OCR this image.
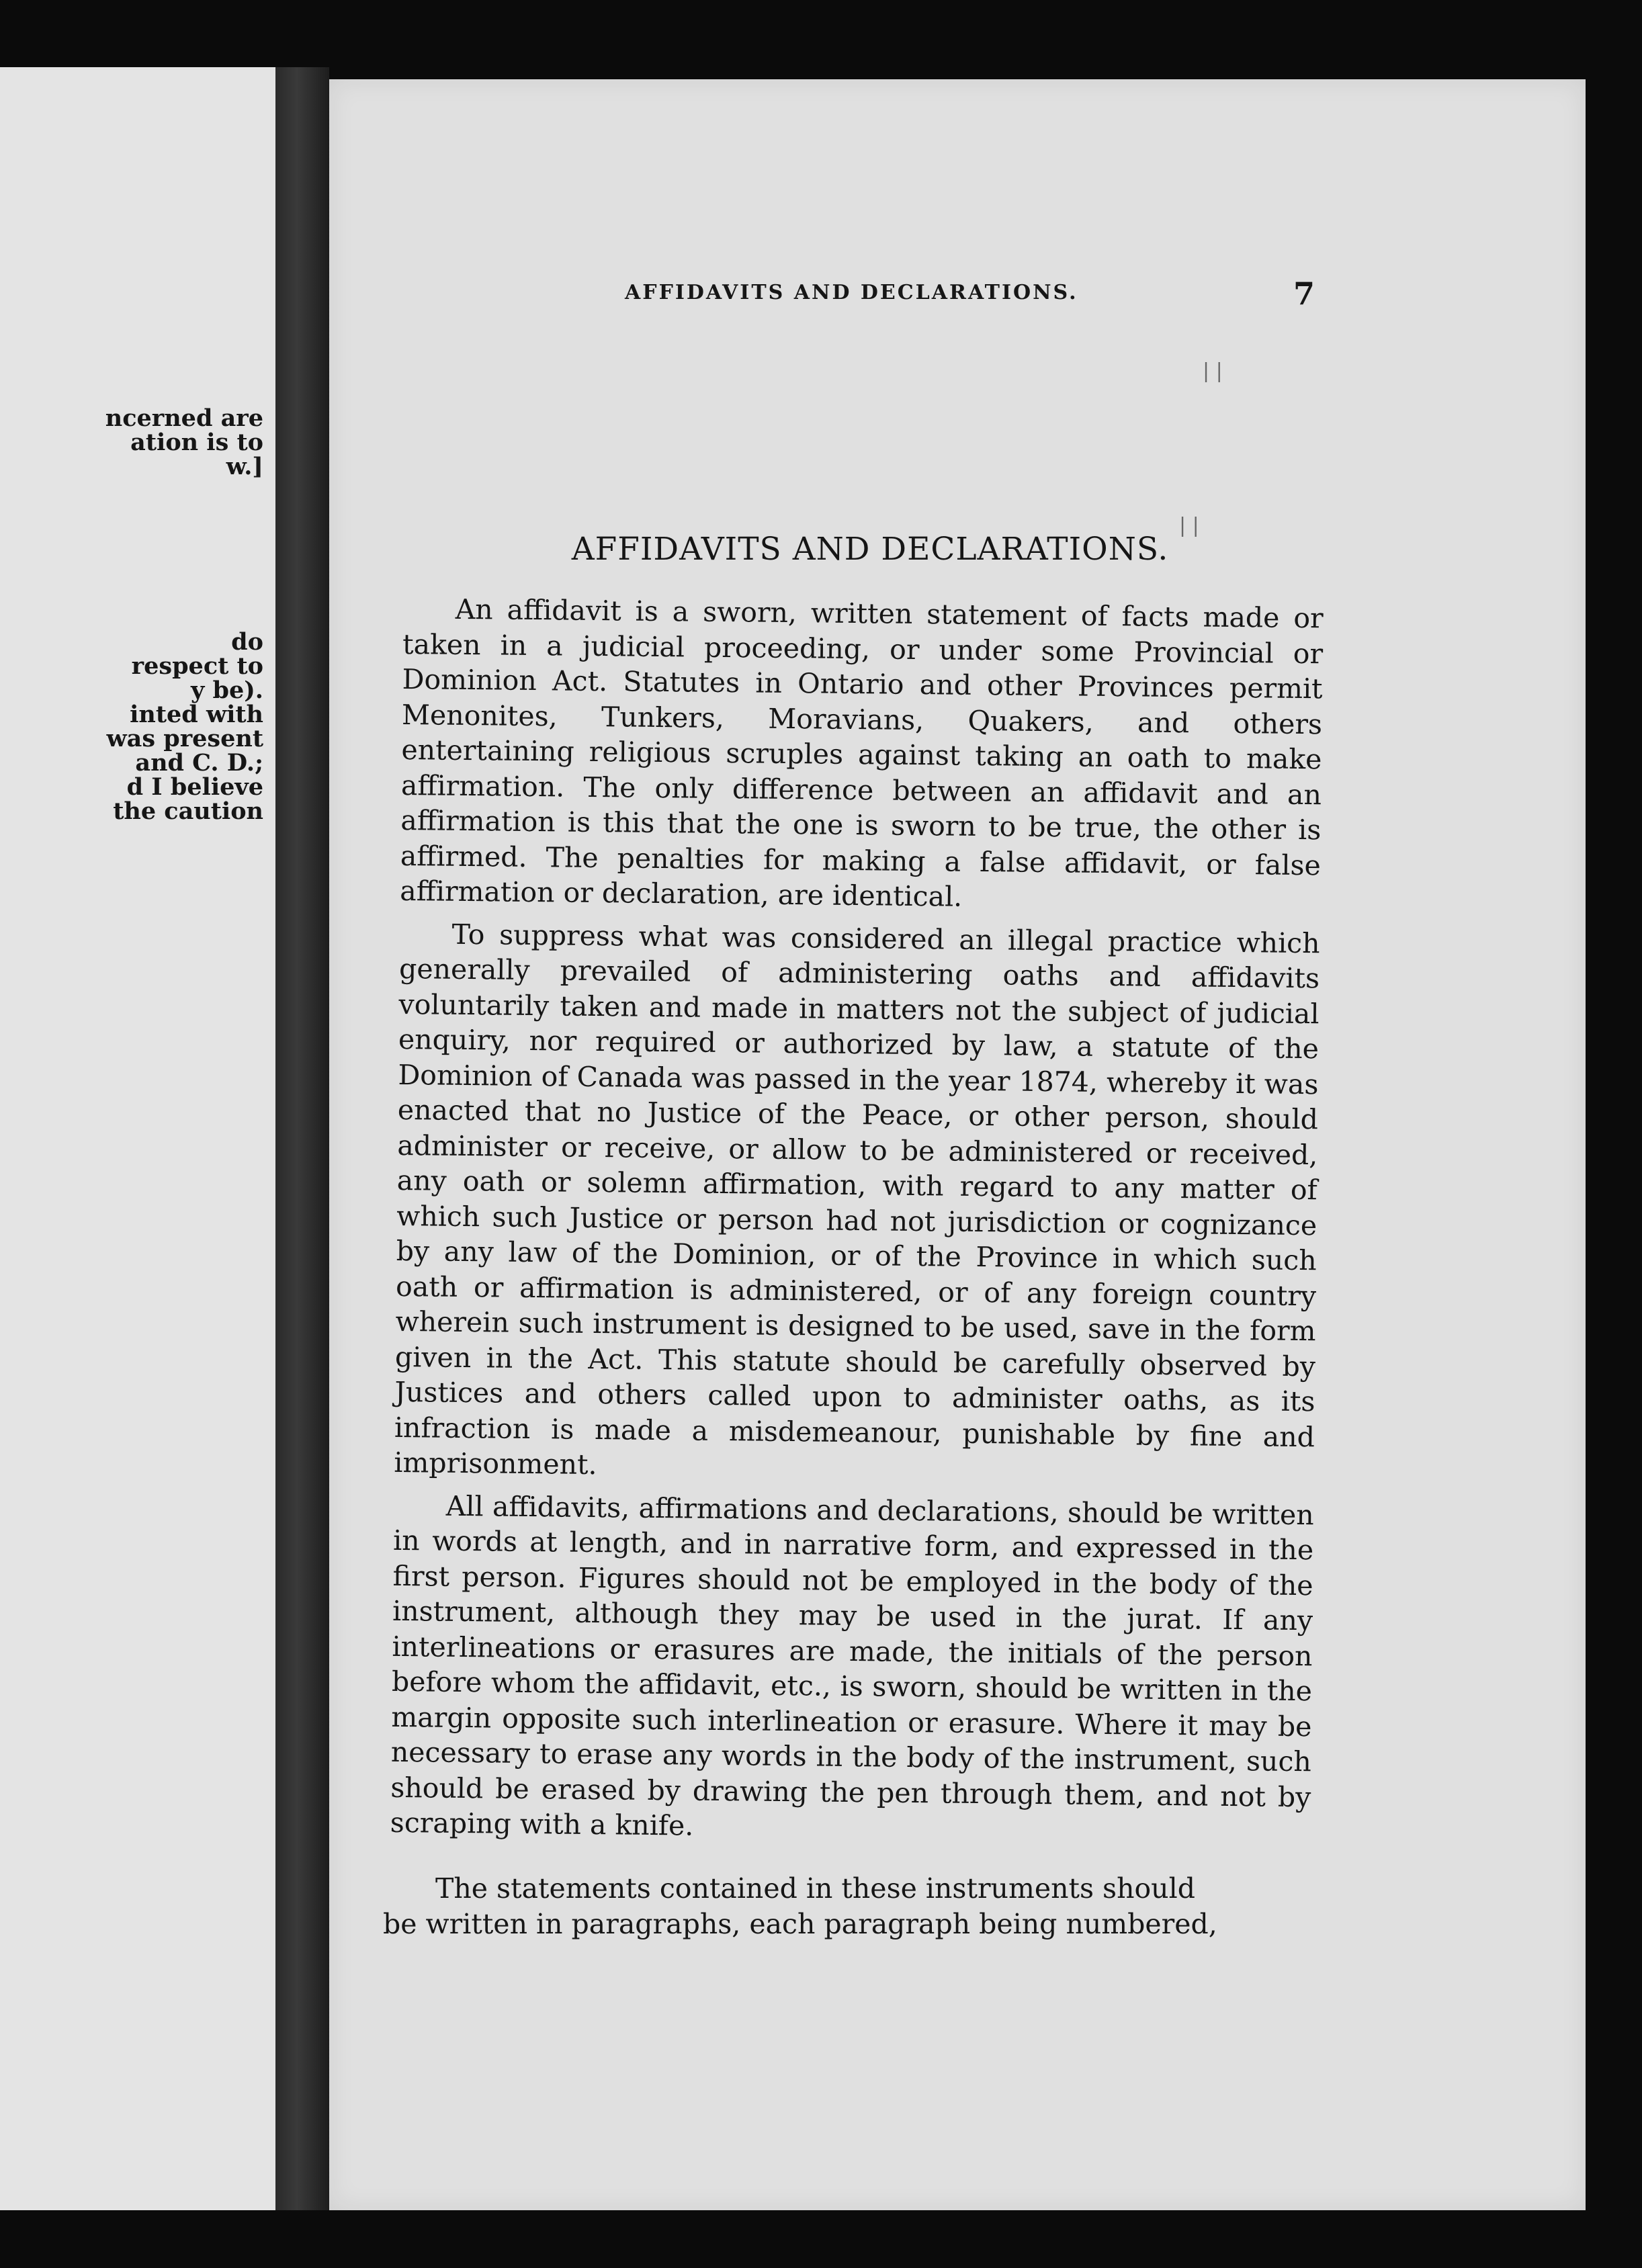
ncerned are
ation is to
w.]
do
respect to
y be).
inted with
was present
and C. D.;
d I believe
the caution
AFFIDAVITS AND DECLARATIONS.	7
| |
| |
AFFIDAVITS AND DECLARATIONS.

An affidavit is a sworn, written statement of facts made or taken in a judicial proceeding, or under some Provincial or Dominion Act. Statutes in Ontario and other Provinces permit Menonites, Tunkers, Moravians, Quakers, and others entertaining religious scruples against taking an oath to make affirmation. The only difference between an affidavit and an affirmation is this that the one is sworn to be true, the other is affirmed. The penalties for making a false affidavit, or false affirmation or declaration, are identical.

To suppress what was considered an illegal practice which generally prevailed of administering oaths and affidavits voluntarily taken and made in matters not the subject of judicial enquiry, nor required or authorized by law, a statute of the Dominion of Canada was passed in the year 1874, whereby it was enacted that no Justice of the Peace, or other person, should administer or receive, or allow to be administered or received, any oath or solemn affirmation, with regard to any matter of which such Justice or person had not jurisdiction or cognizance by any law of the Dominion, or of the Province in which such oath or affirmation is administered, or of any foreign country wherein such instrument is designed to be used, save in the form given in the Act. This statute should be carefully observed by Justices and others called upon to administer oaths, as its infraction is made a misdemeanour, punishable by fine and imprisonment.

All affidavits, affirmations and declarations, should be written in words at length, and in narrative form, and expressed in the first person. Figures should not be employed in the body of the instrument, although they may be used in the jurat. If any interlineations or erasures are made, the initials of the person before whom the affidavit, etc., is sworn, should be written in the margin opposite such interlineation or erasure. Where it may be necessary to erase any words in the body of the instrument, such should be erased by drawing the pen through them, and not by scraping with a knife.

The statements contained in these instruments should
be written in paragraphs, each paragraph being numbered,
